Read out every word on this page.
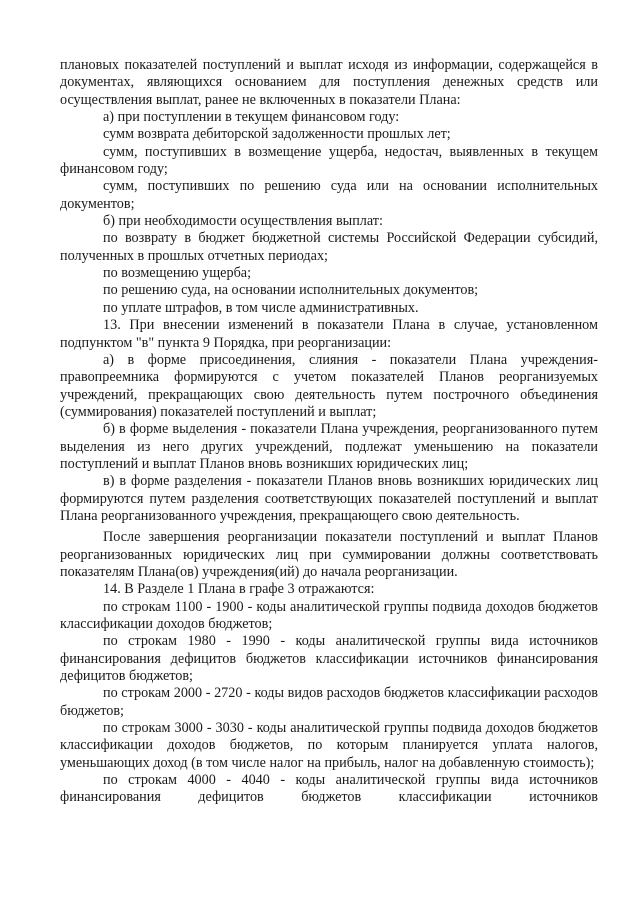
плановых показателей поступлений и выплат исходя из информации, содержащейся в документах, являющихся основанием для поступления денежных средств или осуществления выплат, ранее не включенных в показатели Плана:

а) при поступлении в текущем финансовом году:

сумм возврата дебиторской задолженности прошлых лет;

сумм, поступивших в возмещение ущерба, недостач, выявленных в текущем финансовом году;

сумм, поступивших по решению суда или на основании исполнительных документов;

б) при необходимости осуществления выплат:

по возврату в бюджет бюджетной системы Российской Федерации субсидий, полученных в прошлых отчетных периодах;

по возмещению ущерба;

по решению суда, на основании исполнительных документов;

по уплате штрафов, в том числе административных.

13. При внесении изменений в показатели Плана в случае, установленном подпунктом "в" пункта 9 Порядка, при реорганизации:

а) в форме присоединения, слияния - показатели Плана учреждения-правопреемника формируются с учетом показателей Планов реорганизуемых учреждений, прекращающих свою деятельность путем построчного объединения (суммирования) показателей поступлений и выплат;

б) в форме выделения - показатели Плана учреждения, реорганизованного путем выделения из него других учреждений, подлежат уменьшению на показатели поступлений и выплат Планов вновь возникших юридических лиц;

в) в форме разделения - показатели Планов вновь возникших юридических лиц формируются путем разделения соответствующих показателей поступлений и выплат Плана реорганизованного учреждения, прекращающего свою деятельность.

После завершения реорганизации показатели поступлений и выплат Планов реорганизованных юридических лиц при суммировании должны соответствовать показателям Плана(ов) учреждения(ий) до начала реорганизации.

14. В Разделе 1 Плана в графе 3 отражаются:

по строкам 1100 - 1900 - коды аналитической группы подвида доходов бюджетов классификации доходов бюджетов;

по строкам 1980 - 1990 - коды аналитической группы вида источников финансирования дефицитов бюджетов классификации источников финансирования дефицитов бюджетов;

по строкам 2000 - 2720 - коды видов расходов бюджетов классификации расходов бюджетов;

по строкам 3000 - 3030 - коды аналитической группы подвида доходов бюджетов классификации доходов бюджетов, по которым планируется уплата налогов, уменьшающих доход (в том числе налог на прибыль, налог на добавленную стоимость);

по строкам 4000 - 4040 - коды аналитической группы вида источников финансирования дефицитов бюджетов классификации источников
